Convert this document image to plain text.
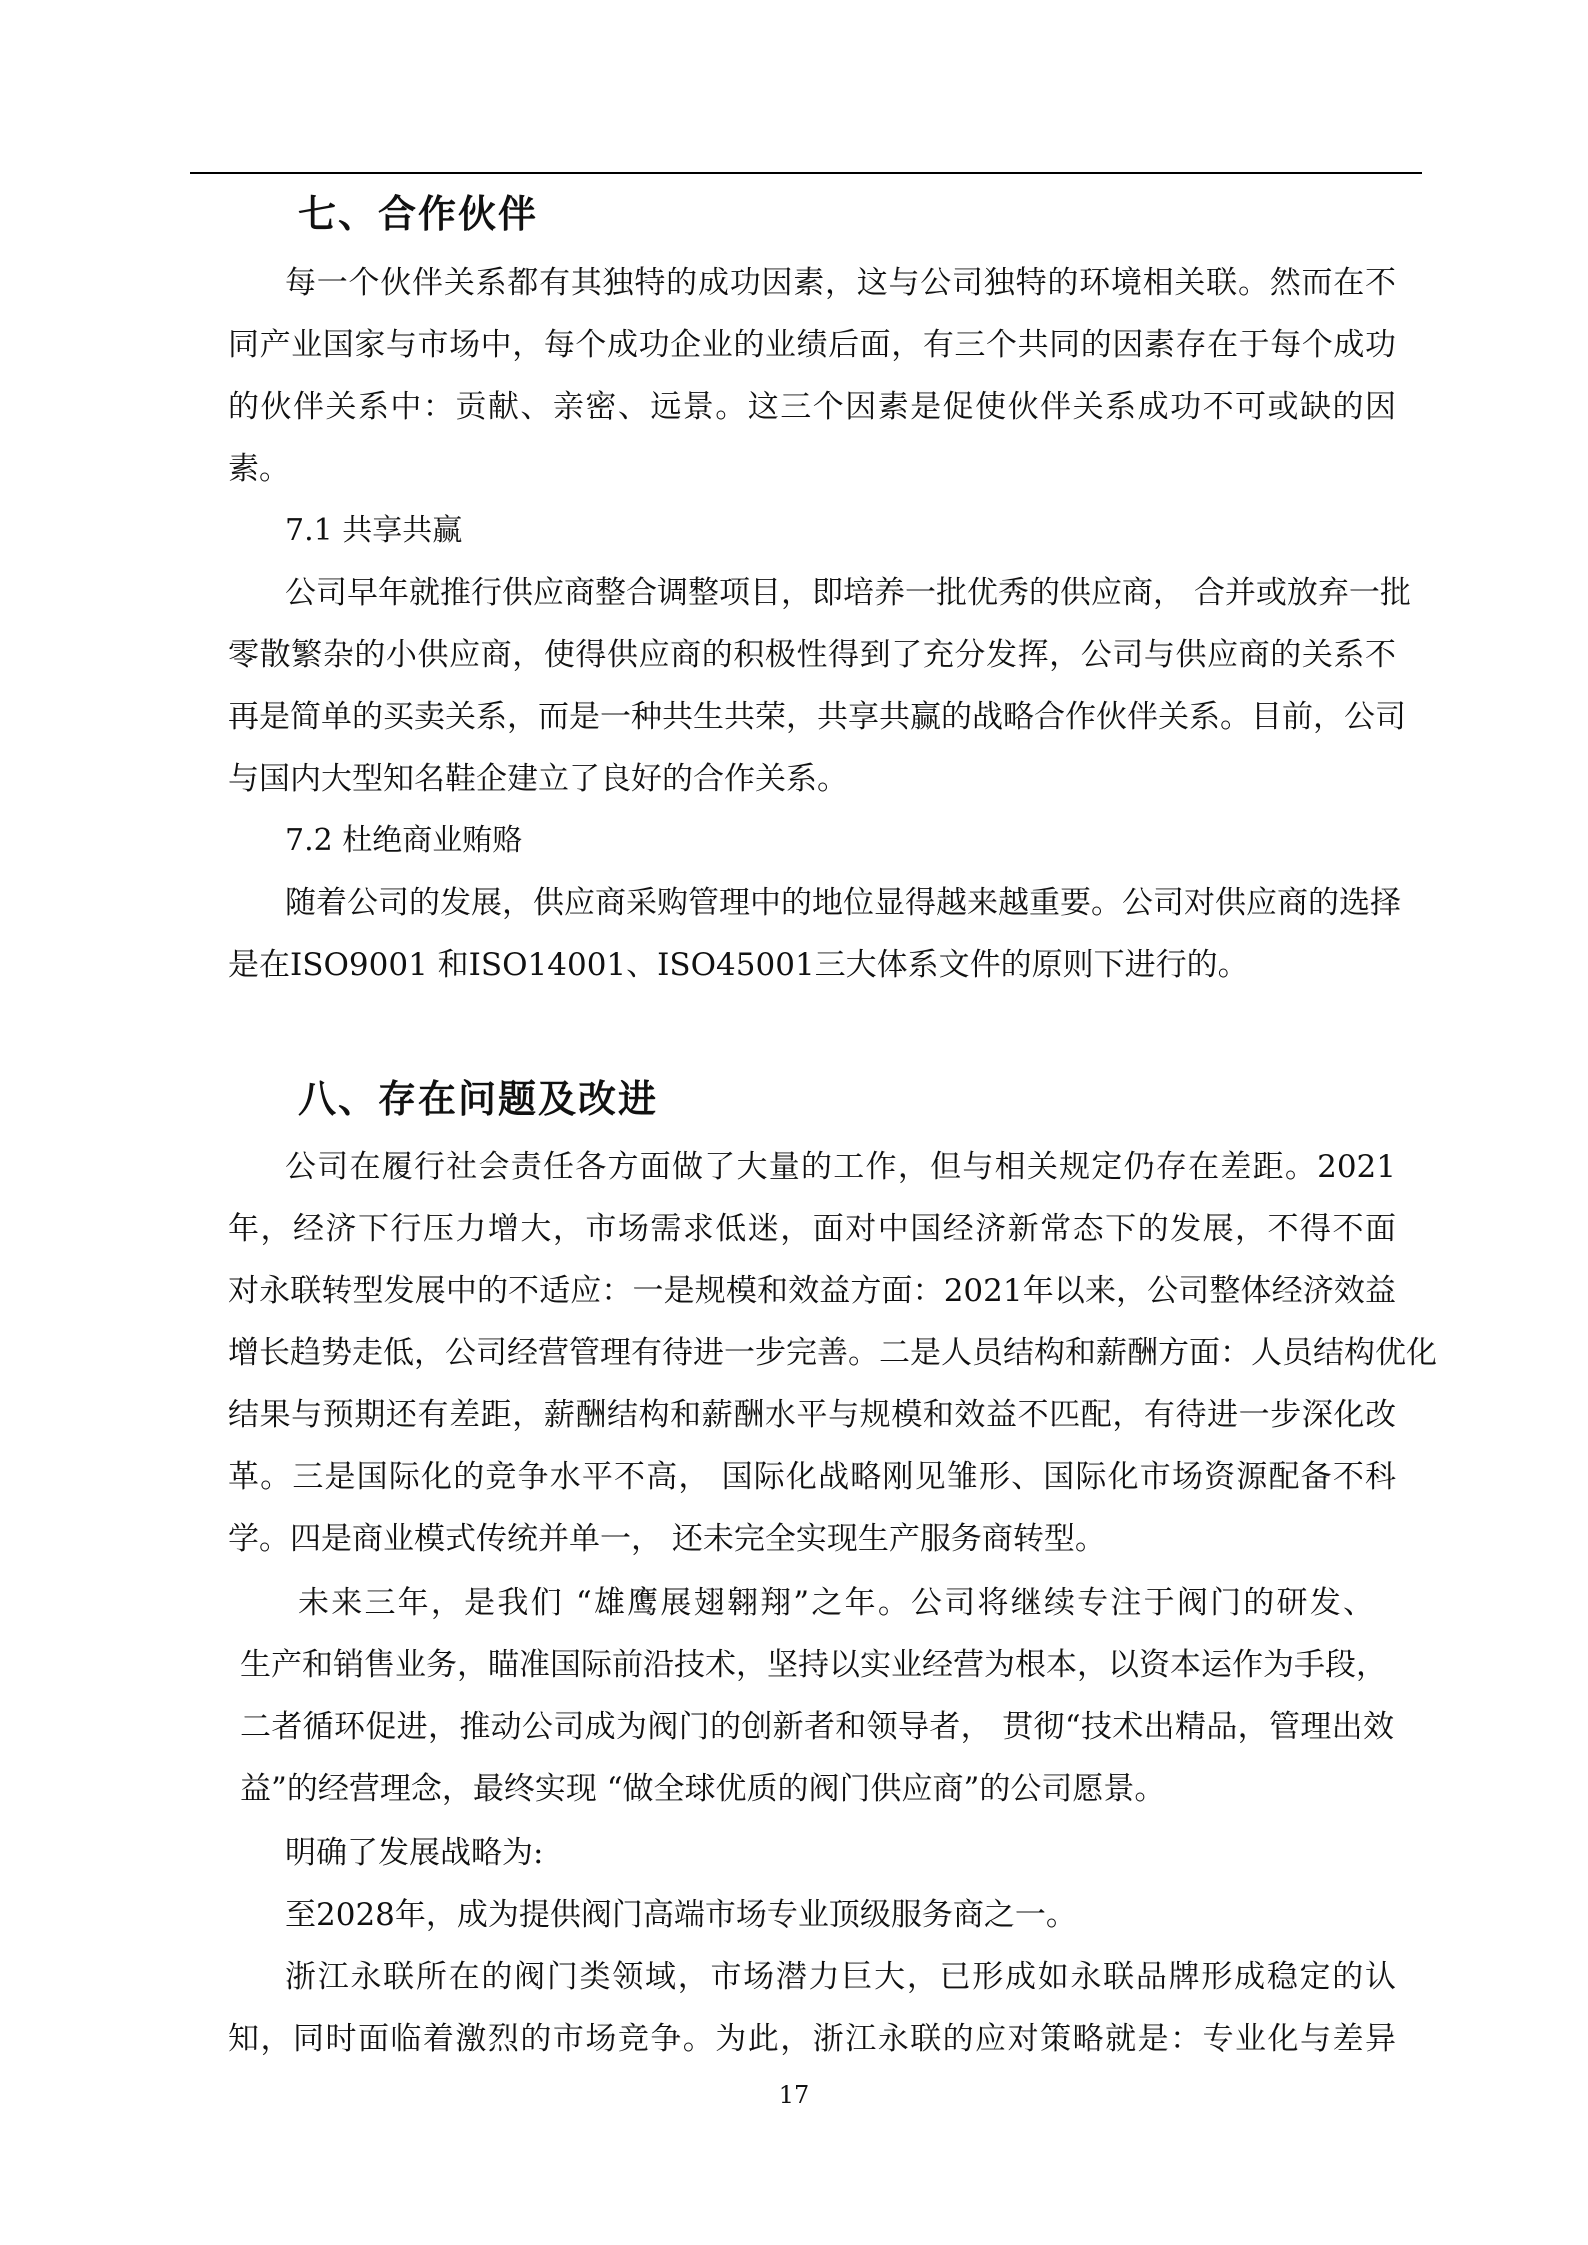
七、合作伙伴
每一个伙伴关系都有其独特的成功因素，这与公司独特的环境相关联。然而在不
同产业国家与市场中，每个成功企业的业绩后面，有三个共同的因素存在于每个成功
的伙伴关系中：贡献、亲密、远景。这三个因素是促使伙伴关系成功不可或缺的因
素。
7.1 共享共赢
公司早年就推行供应商整合调整项目，即培养一批优秀的供应商， 合并或放弃一批
零散繁杂的小供应商，使得供应商的积极性得到了充分发挥，公司与供应商的关系不
再是简单的买卖关系，而是一种共生共荣，共享共赢的战略合作伙伴关系。目前，公司
与国内大型知名鞋企建立了良好的合作关系。
7.2 杜绝商业贿赂
随着公司的发展，供应商采购管理中的地位显得越来越重要。公司对供应商的选择
是在ISO9001 和ISO14001、ISO45001三大体系文件的原则下进行的。
八、存在问题及改进
公司在履行社会责任各方面做了大量的工作，但与相关规定仍存在差距。2021
年，经济下行压力增大，市场需求低迷，面对中国经济新常态下的发展，不得不面
对永联转型发展中的不适应：一是规模和效益方面：2021年以来，公司整体经济效益
增长趋势走低，公司经营管理有待进一步完善。二是人员结构和薪酬方面：人员结构优化
结果与预期还有差距，薪酬结构和薪酬水平与规模和效益不匹配，有待进一步深化改
革。三是国际化的竞争水平不高， 国际化战略刚见雏形、国际化市场资源配备不科
学。四是商业模式传统并单一， 还未完全实现生产服务商转型。
未来三年，是我们 “雄鹰展翅翱翔”之年。公司将继续专注于阀门的研发、
生产和销售业务，瞄准国际前沿技术，坚持以实业经营为根本，以资本运作为手段，
二者循环促进，推动公司成为阀门的创新者和领导者， 贯彻“技术出精品，管理出效
益”的经营理念，最终实现 “做全球优质的阀门供应商”的公司愿景。
明确了发展战略为:
至2028年，成为提供阀门高端市场专业顶级服务商之一。
浙江永联所在的阀门类领域，市场潜力巨大，已形成如永联品牌形成稳定的认
知，同时面临着激烈的市场竞争。为此，浙江永联的应对策略就是：专业化与差异
17
